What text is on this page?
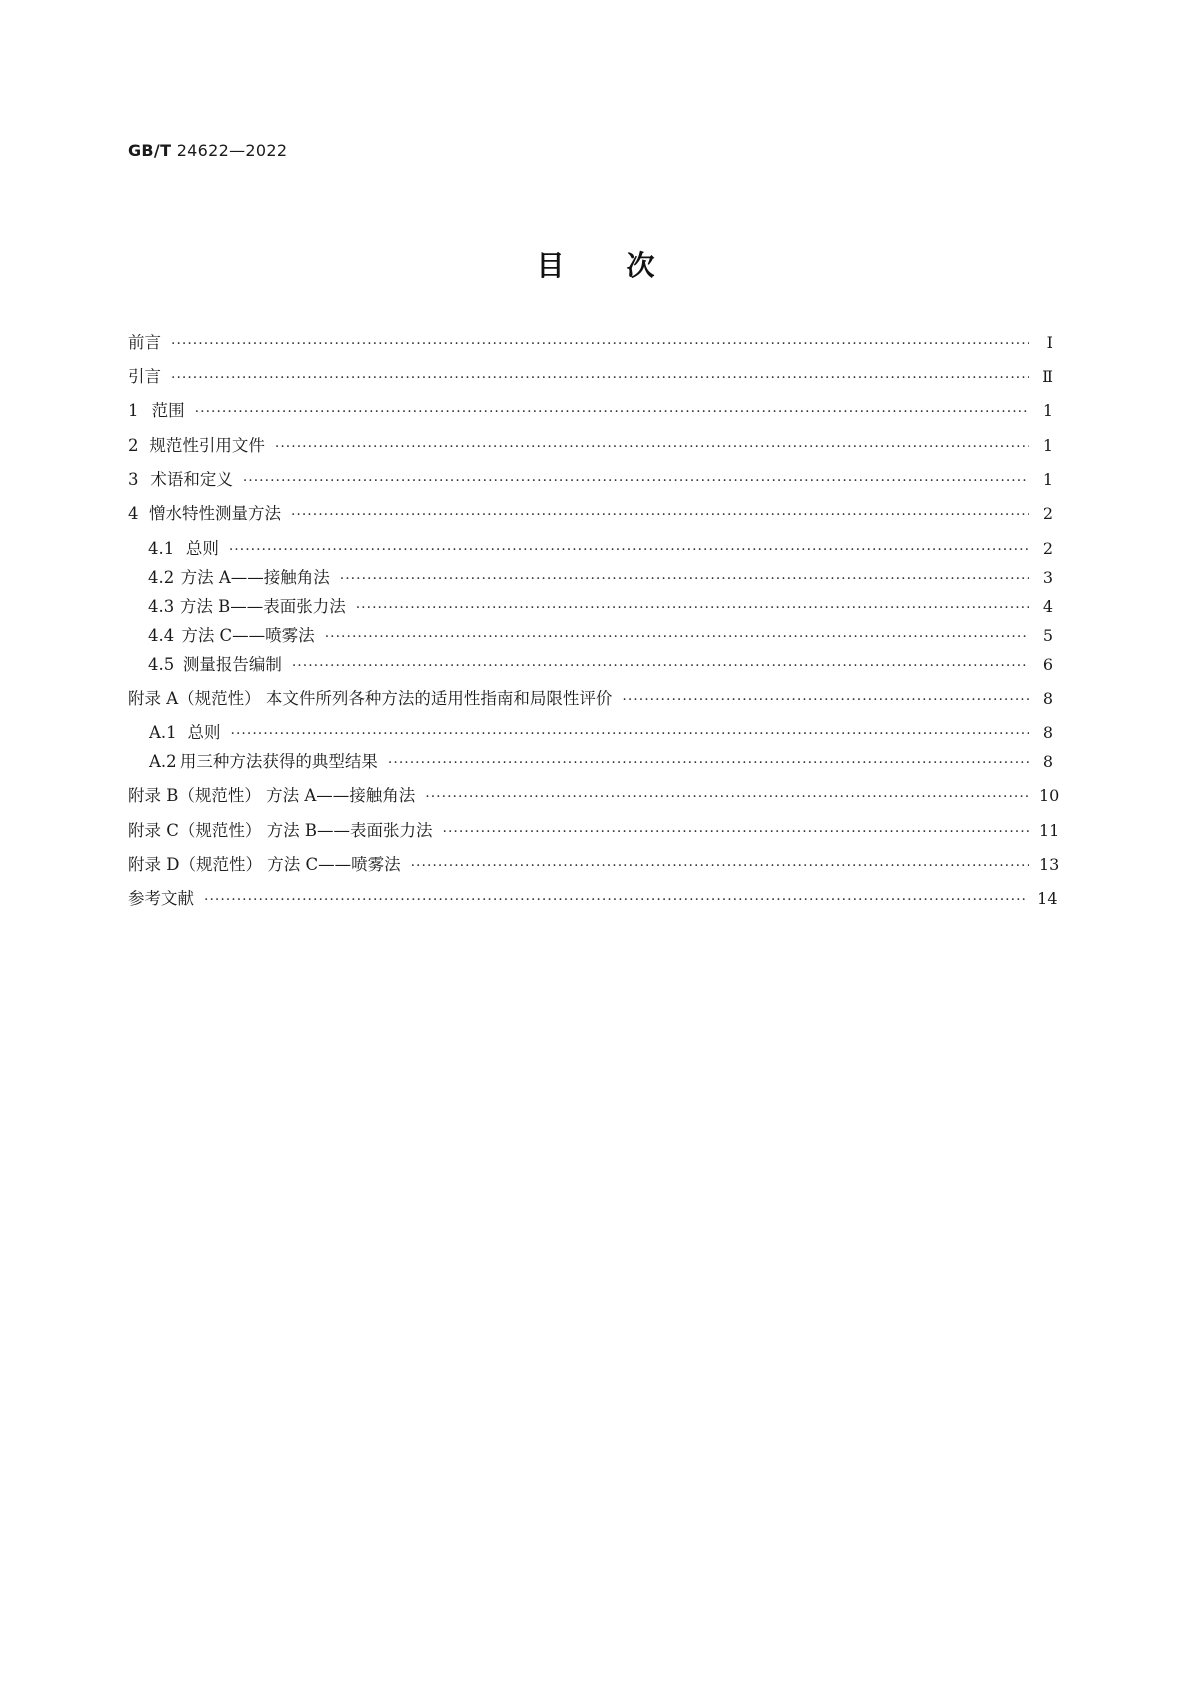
GB/T 24622—2022
目次
前言 ·····	Ⅰ
引言 ·····	Ⅱ
1 范围 ·····	1
2 规范性引用文件 ·····	1
3 术语和定义 ·····	1
4 憎水特性测量方法 ·····	2
4.1 总则 ·····	2
4.2 方法 A——接触角法 ·····	3
4.3 方法 B——表面张力法 ·····	4
4.4 方法 C——喷雾法 ·····	5
4.5 测量报告编制 ·····	6
附录 A（规范性） 本文件所列各种方法的适用性指南和局限性评价 ·····	8
A.1 总则 ·····	8
A.2 用三种方法获得的典型结果 ·····	8
附录 B（规范性） 方法 A——接触角法 ·····	10
附录 C（规范性） 方法 B——表面张力法 ·····	11
附录 D（规范性） 方法 C——喷雾法 ·····	13
参考文献 ·····	14
